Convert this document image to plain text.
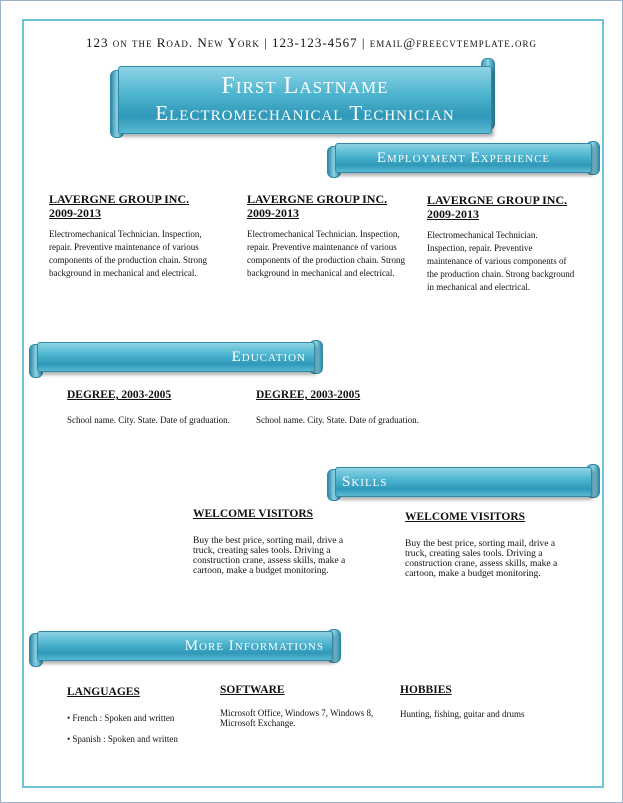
123 on the Road. New York | 123-123-4567 | email@freecvtemplate.org
First Lastname
Electromechanical Technician
Employment Experience
LAVERGNE GROUP INC.
2009-2013
Electromechanical Technician. Inspection, repair. Preventive maintenance of various components of the production chain. Strong background in mechanical and electrical.
LAVERGNE GROUP INC.
2009-2013
Electromechanical Technician. Inspection, repair. Preventive maintenance of various components of the production chain. Strong background in mechanical and electrical.
LAVERGNE GROUP INC.
2009-2013
Electromechanical Technician. Inspection, repair. Preventive maintenance of various components of the production chain. Strong background in mechanical and electrical.
Education
DEGREE, 2003-2005
School name. City. State. Date of graduation.
DEGREE, 2003-2005
School name. City. State. Date of graduation.
Skills
WELCOME VISITORS
Buy the best price, sorting mail, drive a truck, creating sales tools. Driving a construction crane, assess skills, make a cartoon, make a budget monitoring.
WELCOME VISITORS
Buy the best price, sorting mail, drive a truck, creating sales tools. Driving a construction crane, assess skills, make a cartoon, make a budget monitoring.
More Informations
LANGUAGES
• French : Spoken and written
• Spanish : Spoken and written
SOFTWARE
Microsoft Office, Windows 7, Windows 8, Microsoft Exchange.
HOBBIES
Hunting, fishing, guitar and drums
